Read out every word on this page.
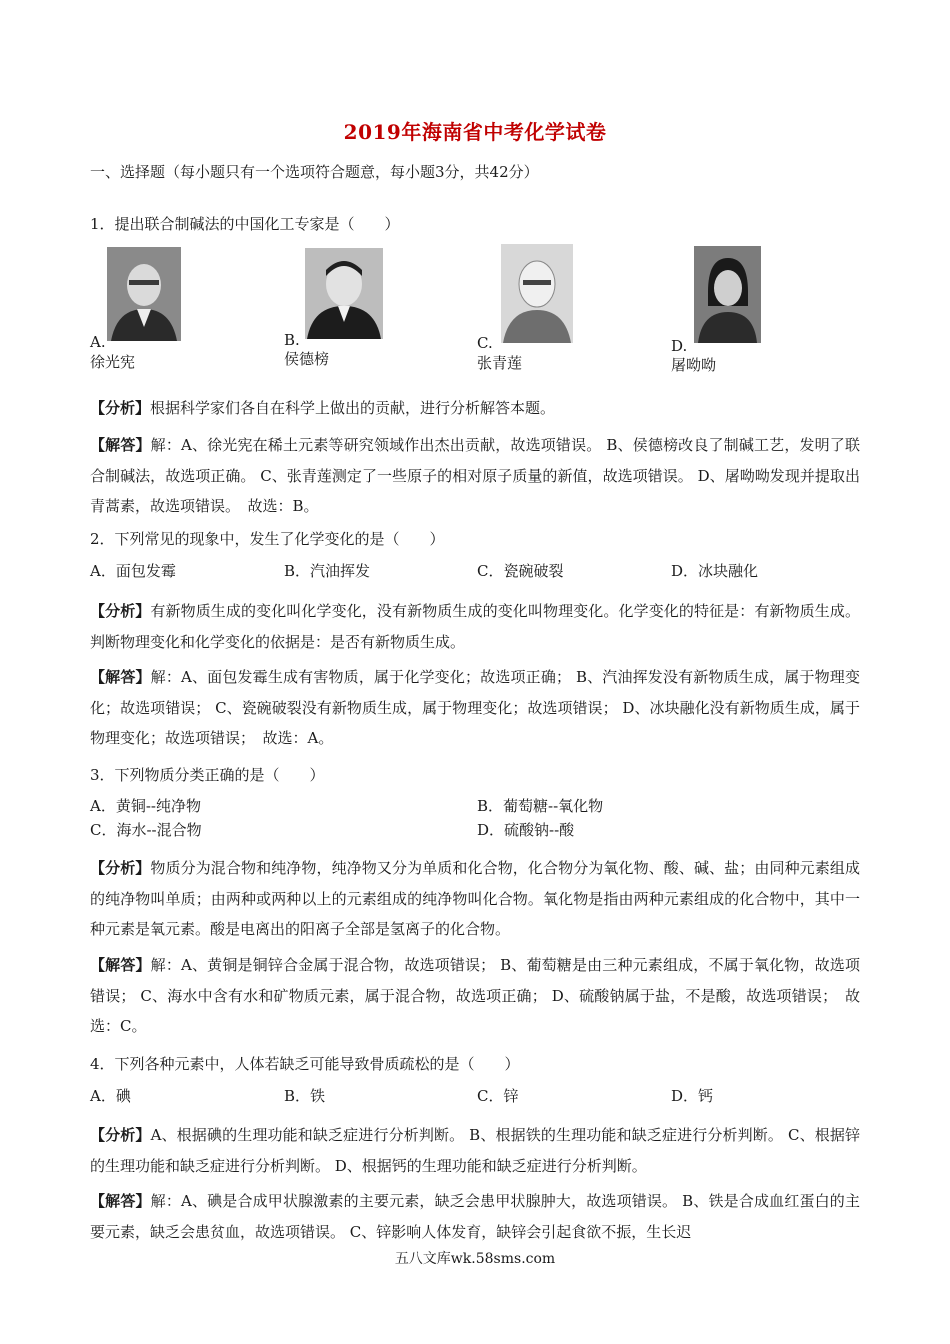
2019年海南省中考化学试卷
一、选择题（每小题只有一个选项符合题意，每小题3分，共42分）
1．提出联合制碱法的中国化工专家是（　　）
A.
徐光宪
B.
侯德榜
C.
张青莲
D.
屠呦呦
【分析】根据科学家们各自在科学上做出的贡献，进行分析解答本题。
【解答】解：A、徐光宪在稀土元素等研究领域作出杰出贡献，故选项错误。 B、侯德榜改良了制碱工艺，发明了联合制碱法，故选项正确。 C、张青莲测定了一些原子的相对原子质量的新值，故选项错误。 D、屠呦呦发现并提取出青蒿素，故选项错误。　故选：B。
2．下列常见的现象中，发生了化学变化的是（　　）
A．面包发霉	B．汽油挥发	C．瓷碗破裂	D．冰块融化
【分析】有新物质生成的变化叫化学变化，没有新物质生成的变化叫物理变化。化学变化的特征是：有新物质生成。判断物理变化和化学变化的依据是：是否有新物质生成。
【解答】解：A、面包发霉生成有害物质，属于化学变化；故选项正确； B、汽油挥发没有新物质生成，属于物理变化；故选项错误； C、瓷碗破裂没有新物质生成，属于物理变化；故选项错误； D、冰块融化没有新物质生成，属于物理变化；故选项错误；　故选：A。
3．下列物质分类正确的是（　　）
A．黄铜--纯净物	B．葡萄糖--氧化物
C．海水--混合物	D．硫酸钠--酸
【分析】物质分为混合物和纯净物，纯净物又分为单质和化合物，化合物分为氧化物、酸、碱、盐；由同种元素组成的纯净物叫单质；由两种或两种以上的元素组成的纯净物叫化合物。氧化物是指由两种元素组成的化合物中，其中一种元素是氧元素。酸是电离出的阳离子全部是氢离子的化合物。
【解答】解：A、黄铜是铜锌合金属于混合物，故选项错误； B、葡萄糖是由三种元素组成，不属于氧化物，故选项错误； C、海水中含有水和矿物质元素，属于混合物，故选项正确； D、硫酸钠属于盐，不是酸，故选项错误；　故选：C。
4．下列各种元素中，人体若缺乏可能导致骨质疏松的是（　　）
A．碘	B．铁	C．锌	D．钙
【分析】A、根据碘的生理功能和缺乏症进行分析判断。 B、根据铁的生理功能和缺乏症进行分析判断。 C、根据锌的生理功能和缺乏症进行分析判断。 D、根据钙的生理功能和缺乏症进行分析判断。
【解答】解：A、碘是合成甲状腺激素的主要元素，缺乏会患甲状腺肿大，故选项错误。 B、铁是合成血红蛋白的主要元素，缺乏会患贫血，故选项错误。 C、锌影响人体发育，缺锌会引起食欲不振，生长迟
五八文库wk.58sms.com
